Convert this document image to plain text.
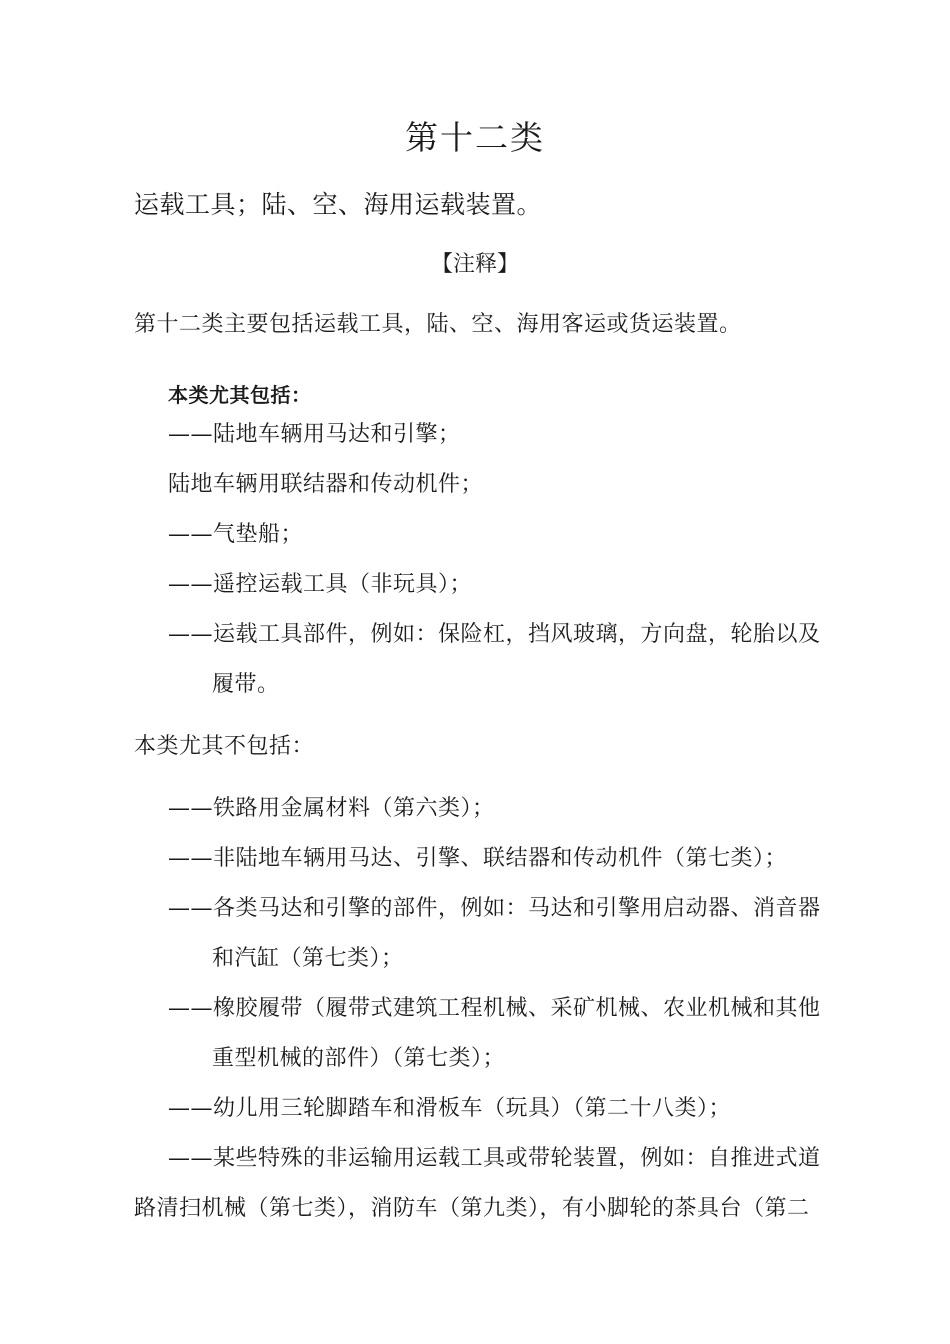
第十二类
运载工具；陆、空、海用运载装置。
【注释】
第十二类主要包括运载工具，陆、空、海用客运或货运装置。
本类尤其包括：
——陆地车辆用马达和引擎；
陆地车辆用联结器和传动机件；
——气垫船；
——遥控运载工具（非玩具）；
——运载工具部件，例如：保险杠，挡风玻璃，方向盘，轮胎以及
履带。
本类尤其不包括：
——铁路用金属材料（第六类）；
——非陆地车辆用马达、引擎、联结器和传动机件（第七类）；
——各类马达和引擎的部件，例如：马达和引擎用启动器、消音器
和汽缸（第七类）；
——橡胶履带（履带式建筑工程机械、采矿机械、农业机械和其他
重型机械的部件）（第七类）；
——幼儿用三轮脚踏车和滑板车（玩具）（第二十八类）；
——某些特殊的非运输用运载工具或带轮装置，例如：自推进式道
路清扫机械（第七类），消防车（第九类），有小脚轮的茶具台（第二
